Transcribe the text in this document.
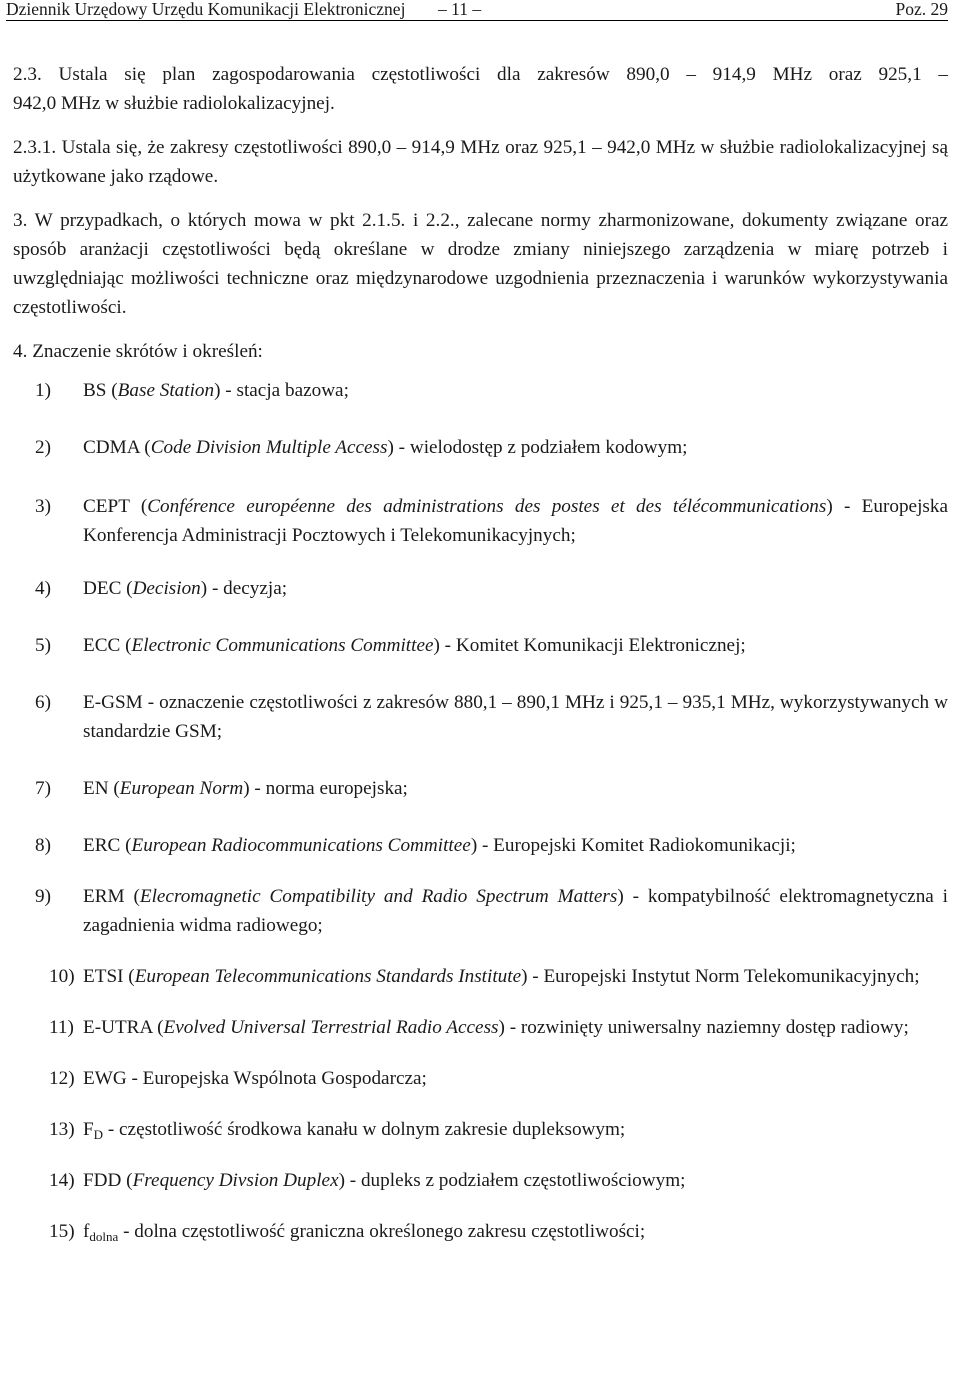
Dziennik Urzędowy Urzędu Komunikacji Elektronicznej – 11 –	Poz. 29
2.3. Ustala się plan zagospodarowania częstotliwości dla zakresów 890,0 – 914,9 MHz oraz 925,1 –
942,0 MHz w służbie radiolokalizacyjnej.
2.3.1. Ustala się, że zakresy częstotliwości 890,0 – 914,9 MHz oraz 925,1 – 942,0 MHz w służbie radiolokalizacyjnej są użytkowane jako rządowe.
3. W przypadkach, o których mowa w pkt 2.1.5. i 2.2., zalecane normy zharmonizowane, dokumenty związane oraz sposób aranżacji częstotliwości będą określane w drodze zmiany niniejszego zarządzenia w miarę potrzeb i uwzględniając możliwości techniczne oraz międzynarodowe uzgodnienia przeznaczenia i warunków wykorzystywania częstotliwości.
4. Znaczenie skrótów i określeń:
1)	BS (Base Station) - stacja bazowa;
2)	CDMA (Code Division Multiple Access) - wielodostęp z podziałem kodowym;
3)	CEPT (Conférence européenne des administrations des postes et des télécommunications) - Europejska Konferencja Administracji Pocztowych i Telekomunikacyjnych;
4)	DEC (Decision) - decyzja;
5)	ECC (Electronic Communications Committee) - Komitet Komunikacji Elektronicznej;
6)	E-GSM - oznaczenie częstotliwości z zakresów 880,1 – 890,1 MHz i 925,1 – 935,1 MHz, wykorzystywanych w standardzie GSM;
7)	EN (European Norm) - norma europejska;
8)	ERC (European Radiocommunications Committee) - Europejski Komitet Radiokomunikacji;
9)	ERM (Elecromagnetic Compatibility and Radio Spectrum Matters) - kompatybilność elektromagnetyczna i zagadnienia widma radiowego;
10) ETSI (European Telecommunications Standards Institute) - Europejski Instytut Norm Telekomunikacyjnych;
11) E-UTRA (Evolved Universal Terrestrial Radio Access) - rozwinięty uniwersalny naziemny dostęp radiowy;
12) EWG - Europejska Wspólnota Gospodarcza;
13) $F_D$ - częstotliwość środkowa kanału w dolnym zakresie dupleksowym;
14) FDD (Frequency Divsion Duplex) - dupleks z podziałem częstotliwościowym;
15) $f_{dolna}$ - dolna częstotliwość graniczna określonego zakresu częstotliwości;
